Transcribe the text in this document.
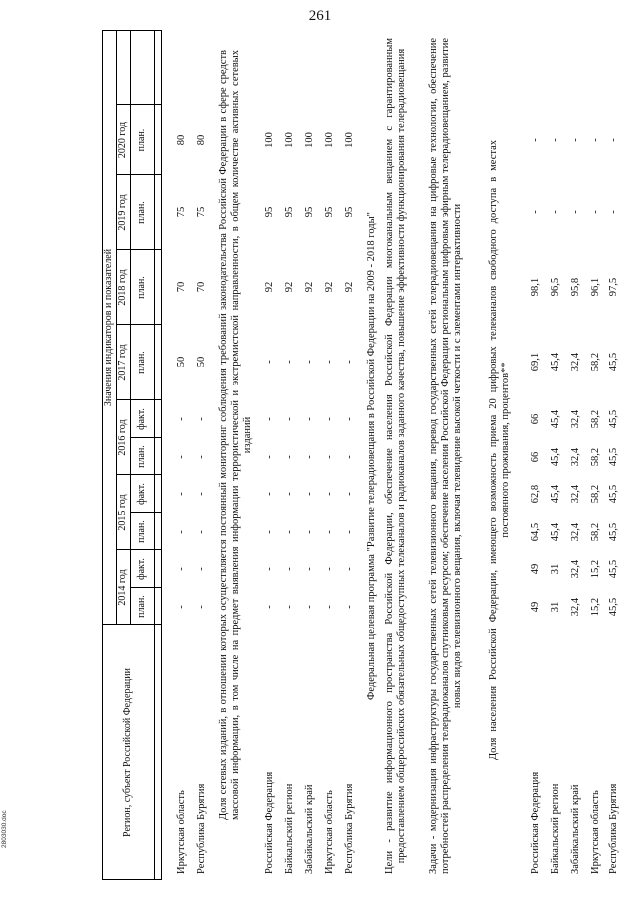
261
2803030.doc	Регион, субъект Российской Федерации
Значения индикаторов и показателей
2014 год
2015 год
2016 год
2017 год
2018 год
2019 год
2020 год
план.
факт.
план.
факт.
план.
факт.
план.
план.
план.
план.
Иркутская область
-
-
-
-
-
-
50
70
75
80
Республика Бурятия
-
-
-
-
-
-
50
70
75
80 Доля сетевых изданий, в отношении которых осуществляется постоянный мониторинг соблюдения требований законодательства Российской Федерации в сфере средств массовой информации, в том числе на предмет выявления информации террористической и экстремистской направленности, в общем количестве активных сетевых изданий
Российская Федерация
-
-
-
-
-
-
-
92
95
100
Байкальский регион
-
-
-
-
-
-
-
92
95
100
Забайкальский край
-
-
-
-
-
-
-
92
95
100
Иркутская область
-
-
-
-
-
-
-
92
95
100
Республика Бурятия
-
-
-
-
-
-
-
92
95
100
Федеральная целевая программа "Развитие телерадиовещания в Российской Федерации на 2009 - 2018 годы" Цели - развитие информационного пространства Российской Федерации, обеспечение населения Российской Федерации многоканальным вещанием с гарантированным предоставлением общероссийских обязательных общедоступных телеканалов и радиоканалов заданного качества, повышение эффективности функционирования телерадиовещания Задачи - модернизация инфраструктуры государственных сетей телевизионного вещания, перевод государственных сетей телерадиовещания на цифровые технологии, обеспечение потребностей распределения телерадиоканалов спутниковым ресурсом; обеспечение населения Российской Федерации региональным цифровым эфирным телерадиовещанием, развитие новых видов телевизионного вещания, включая телевидение высокой четкости и с элементами интерактивности Доля населения Российской Федерации, имеющего возможность приема 20 цифровых телеканалов свободного доступа в местах постоянного проживания, процентов**
Российская Федерация
49
49
64,5
62,8
66
66
69,1
98,1
-
-
Байкальский регион
31
31
45,4
45,4
45,4
45,4
45,4
96,5
-
-
Забайкальский край
32,4
32,4
32,4
32,4
32,4
32,4
32,4
95,8
-
-
Иркутская область
15,2
15,2
58,2
58,2
58,2
58,2
58,2
96,1
-
-
Республика Бурятия
45,5
45,5
45,5
45,5
45,5
45,5
45,5
97,5
-
-
